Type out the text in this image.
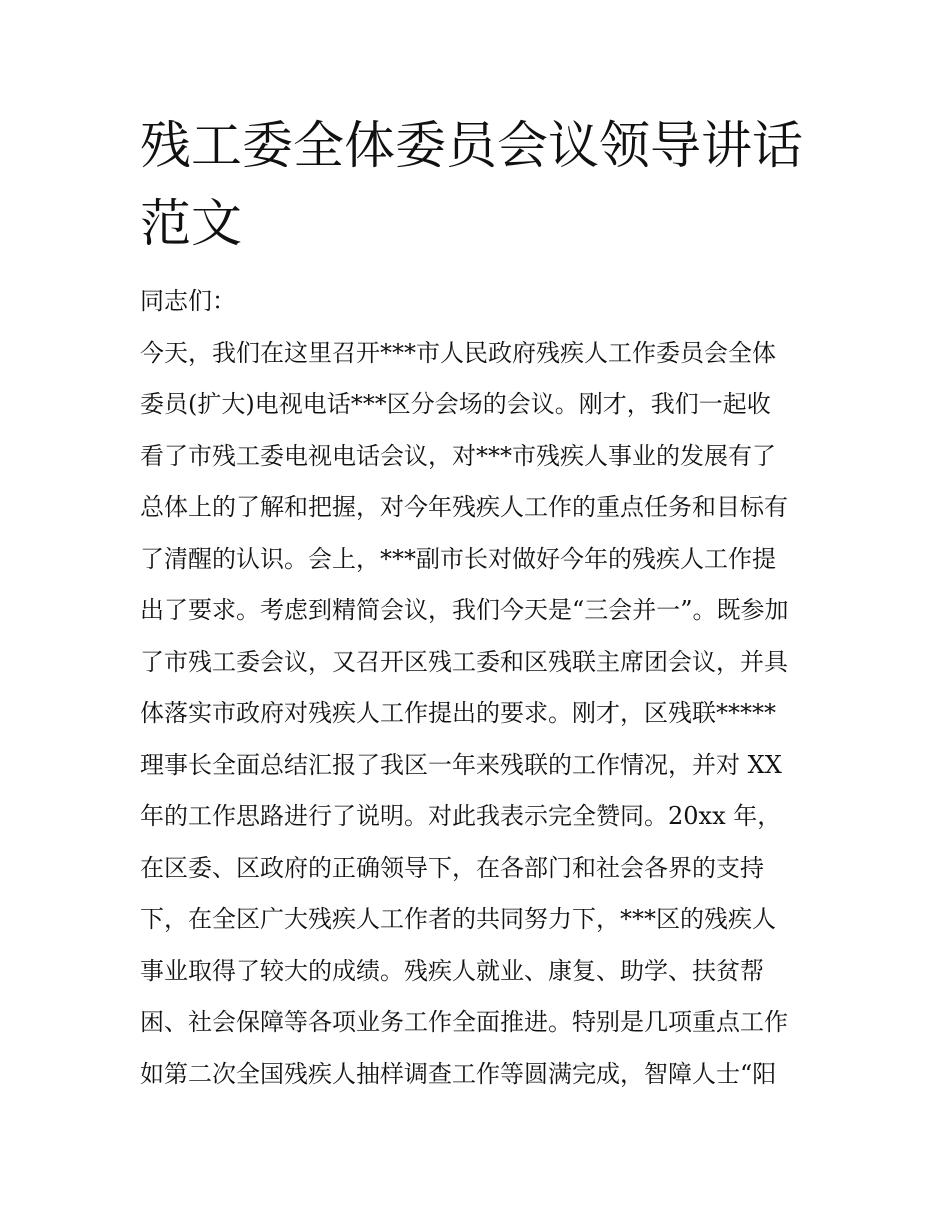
残工委全体委员会议领导讲话
范文
同志们：
今天，我们在这里召开***市人民政府残疾人工作委员会全体
委员(扩大)电视电话***区分会场的会议。刚才，我们一起收
看了市残工委电视电话会议，对***市残疾人事业的发展有了
总体上的了解和把握，对今年残疾人工作的重点任务和目标有
了清醒的认识。会上，***副市长对做好今年的残疾人工作提
出了要求。考虑到精简会议，我们今天是“三会并一”。既参加
了市残工委会议，又召开区残工委和区残联主席团会议，并具
体落实市政府对残疾人工作提出的要求。刚才，区残联*****
理事长全面总结汇报了我区一年来残联的工作情况，并对 XX
年的工作思路进行了说明。对此我表示完全赞同。20xx 年，
在区委、区政府的正确领导下，在各部门和社会各界的支持
下，在全区广大残疾人工作者的共同努力下，***区的残疾人
事业取得了较大的成绩。残疾人就业、康复、助学、扶贫帮
困、社会保障等各项业务工作全面推进。特别是几项重点工作
如第二次全国残疾人抽样调查工作等圆满完成，智障人士“阳
